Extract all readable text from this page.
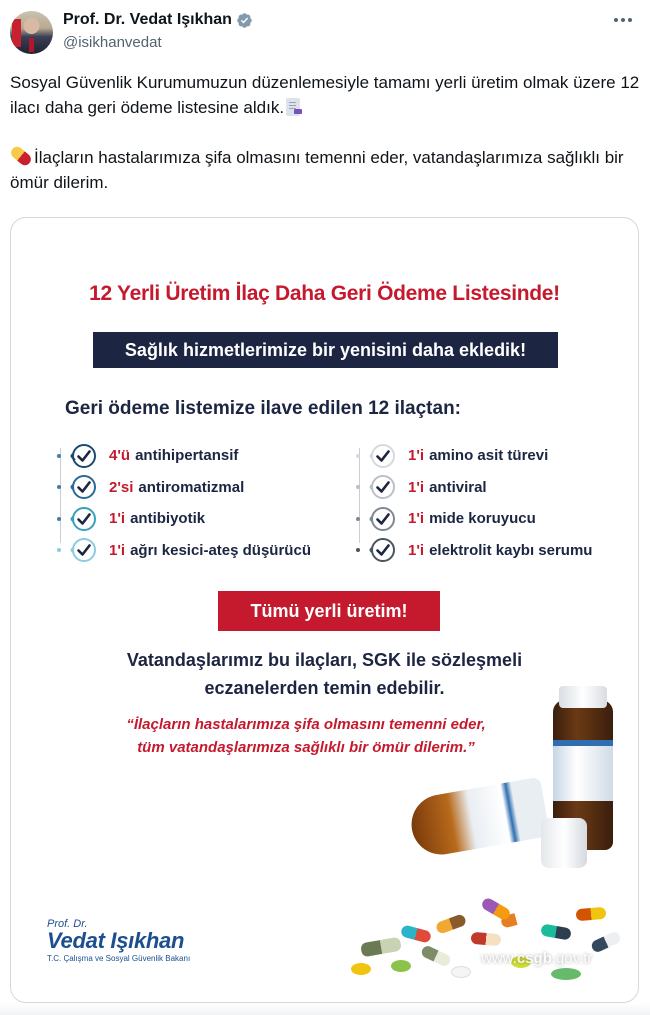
Prof. Dr. Vedat Işıkhan
@isikhanvedat

Sosyal Güvenlik Kurumumuzun düzenlemesiyle tamamı yerli üretim olmak üzere 12 ilacı daha geri ödeme listesine aldık.

İlaçların hastalarımıza şifa olmasını temenni eder, vatandaşlarımıza sağlıklı bir ömür dilerim.

12 Yerli Üretim İlaç Daha Geri Ödeme Listesinde!
Sağlık hizmetlerimize bir yenisini daha ekledik!
Geri ödeme listemize ilave edilen 12 ilaçtan:
4'ü antihipertansif
2'si antiromatizmal
1'i antibiyotik
1'i ağrı kesici-ateş düşürücü
1'i amino asit türevi
1'i antiviral
1'i mide koruyucu
1'i elektrolit kaybı serumu
Tümü yerli üretim!
Vatandaşlarımız bu ilaçları, SGK ile sözleşmeli
eczanelerden temin edebilir.
“İlaçların hastalarımıza şifa olmasını temenni eder,
tüm vatandaşlarımıza sağlıklı bir ömür dilerim.”
www.csgb.gov.tr
Prof. Dr.
Vedat Işıkhan
T.C. Çalışma ve Sosyal Güvenlik Bakanı
